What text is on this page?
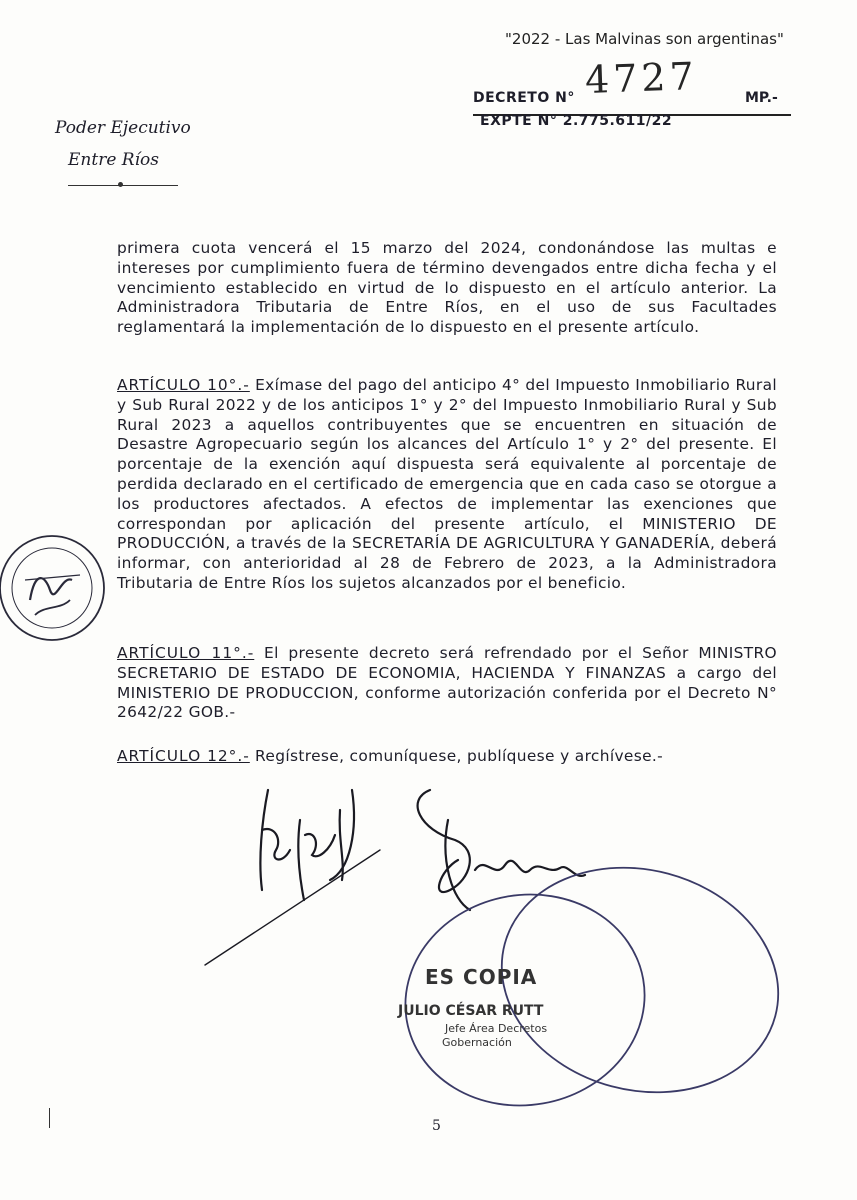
"2022 - Las Malvinas son argentinas"
DECRETO N° 4727	MP.-
EXPTE N° 2.775.611/22
Poder Ejecutivo
Entre Ríos
primera cuota vencerá el 15 marzo del 2024, condonándose las multas e intereses por cumplimiento fuera de término devengados entre dicha fecha y el vencimiento establecido en virtud de lo dispuesto en el artículo anterior. La Administradora Tributaria de Entre Ríos, en el uso de sus Facultades reglamentará la implementación de lo dispuesto en el presente artículo.
ARTÍCULO 10°.- Exímase del pago del anticipo 4° del Impuesto Inmobiliario Rural y Sub Rural 2022 y de los anticipos 1° y 2° del Impuesto Inmobiliario Rural y Sub Rural 2023 a aquellos contribuyentes que se encuentren en situación de Desastre Agropecuario según los alcances del Artículo 1° y 2° del presente. El porcentaje de la exención aquí dispuesta será equivalente al porcentaje de perdida declarado en el certificado de emergencia que en cada caso se otorgue a los productores afectados. A efectos de implementar las exenciones que correspondan por aplicación del presente artículo, el MINISTERIO DE PRODUCCIÓN, a través de la SECRETARÍA DE AGRICULTURA Y GANADERÍA, deberá informar, con anterioridad al 28 de Febrero de 2023, a la Administradora Tributaria de Entre Ríos los sujetos alcanzados por el beneficio.
ARTÍCULO 11°.- El presente decreto será refrendado por el Señor MINISTRO SECRETARIO DE ESTADO DE ECONOMIA, HACIENDA Y FINANZAS a cargo del MINISTERIO DE PRODUCCION, conforme autorización conferida por el Decreto N° 2642/22 GOB.-
ARTÍCULO 12°.- Regístrese, comuníquese, publíquese y archívese.-
ES COPIA
JULIO CÉSAR RUTT
Jefe Área Decretos
Gobernación
5
